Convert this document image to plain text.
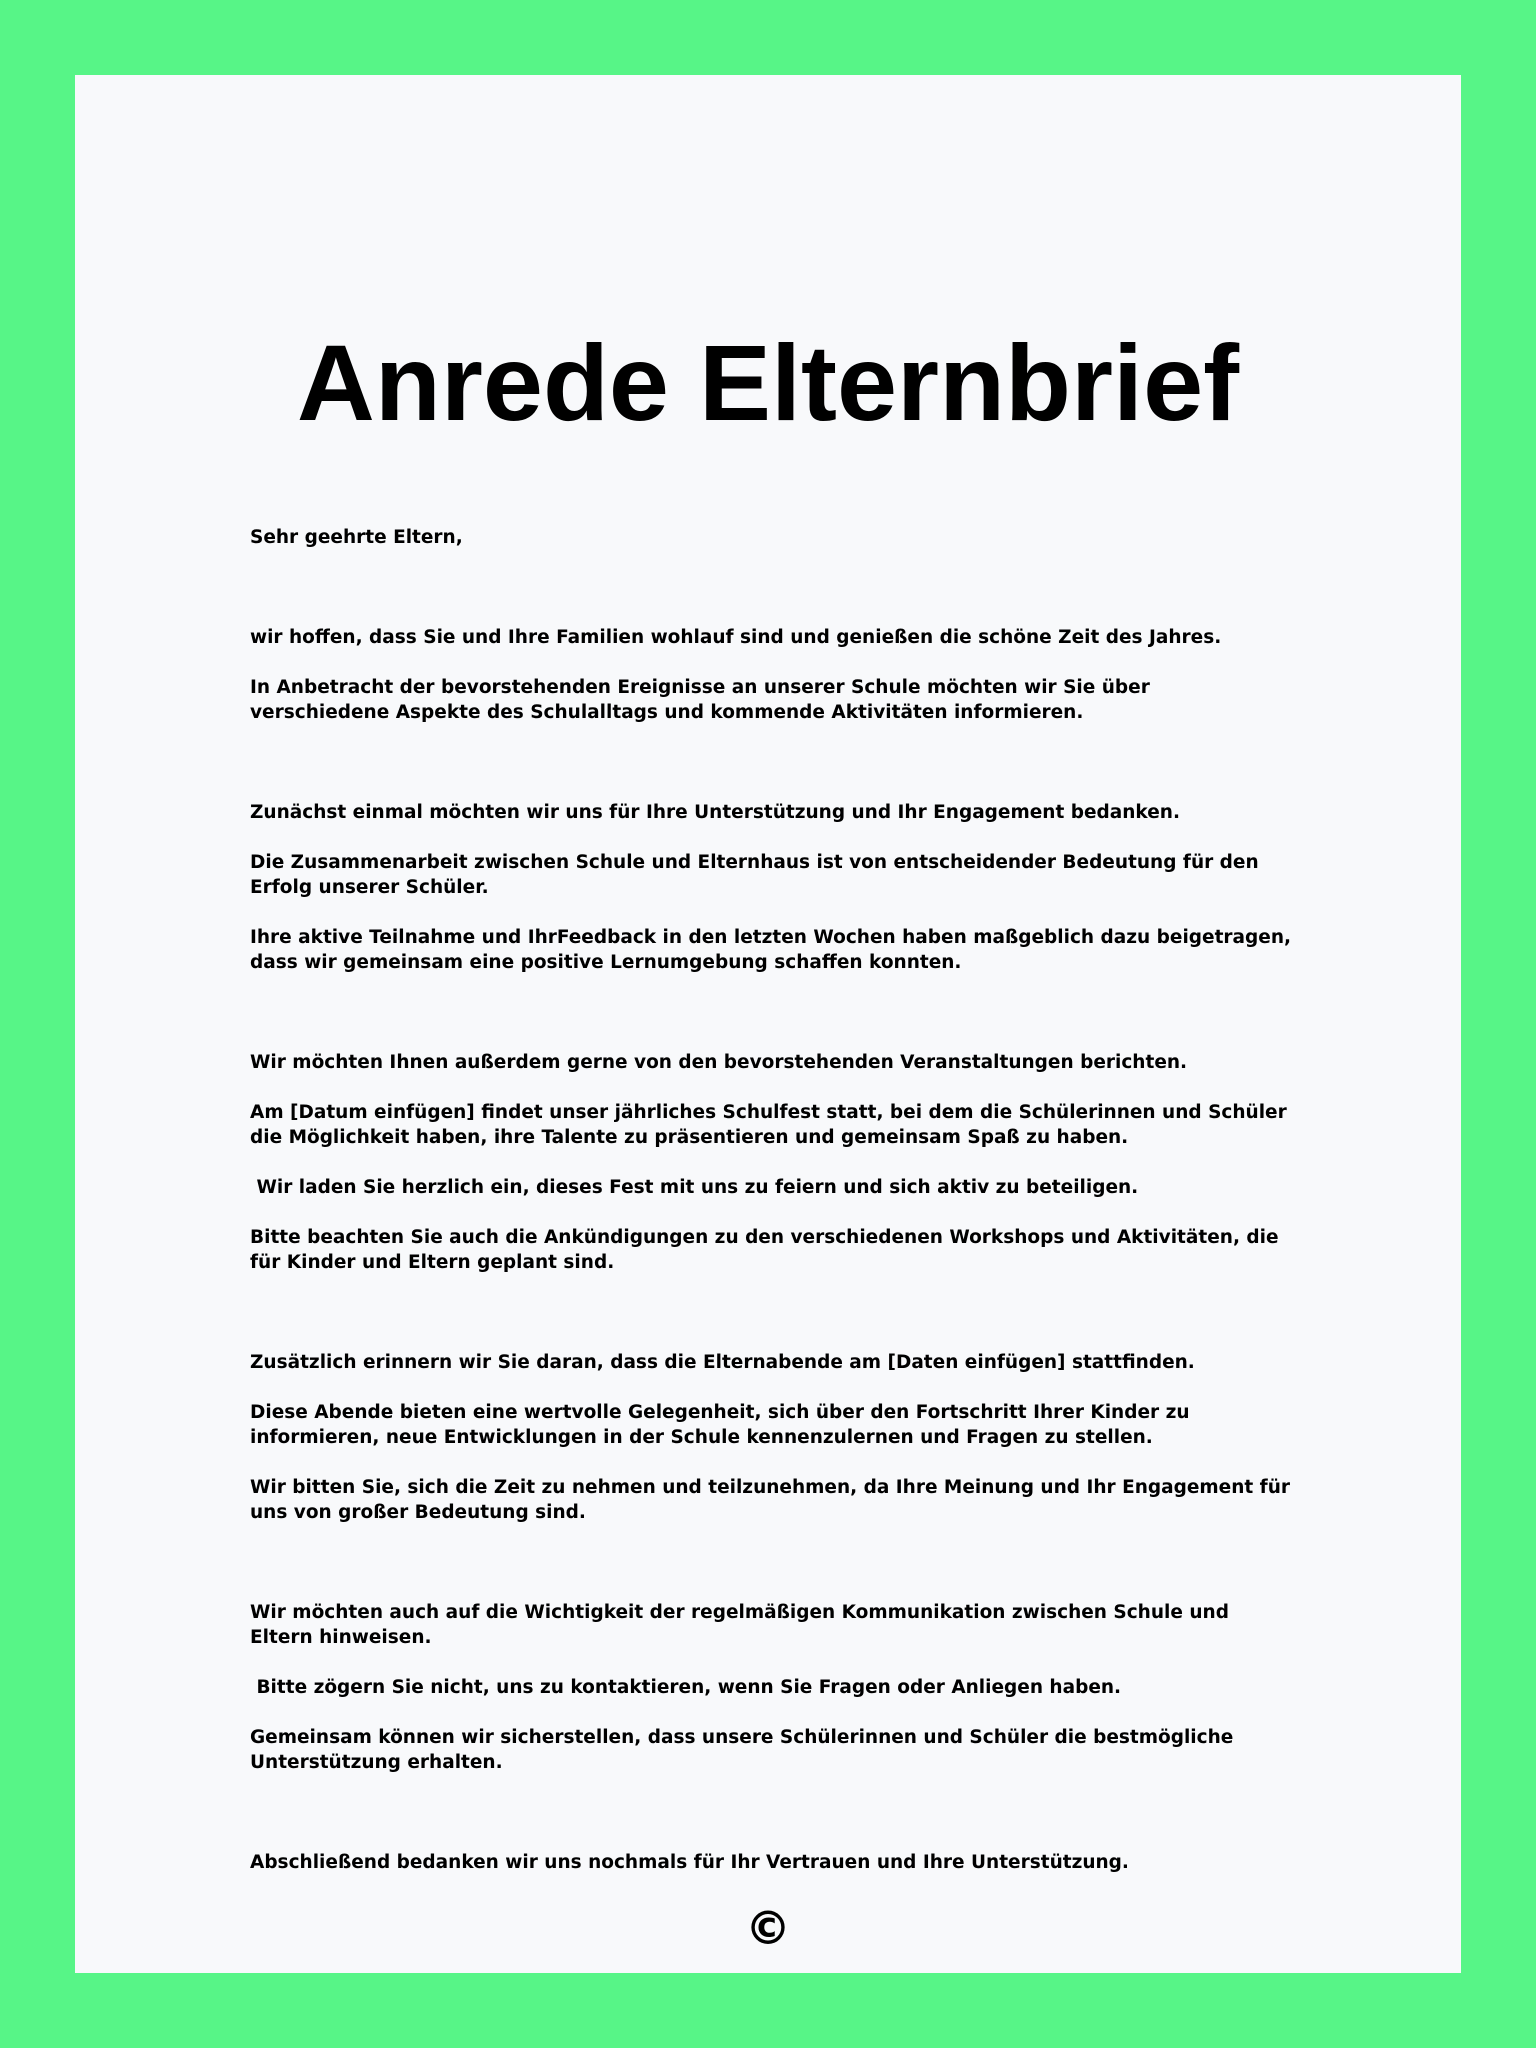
Anrede Elternbrief

Sehr geehrte Eltern,

wir hoffen, dass Sie und Ihre Familien wohlauf sind und genießen die schöne Zeit des Jahres.

In Anbetracht der bevorstehenden Ereignisse an unserer Schule möchten wir Sie über verschiedene Aspekte des Schulalltags und kommende Aktivitäten informieren.

Zunächst einmal möchten wir uns für Ihre Unterstützung und Ihr Engagement bedanken.

Die Zusammenarbeit zwischen Schule und Elternhaus ist von entscheidender Bedeutung für den Erfolg unserer Schüler.

Ihre aktive Teilnahme und IhrFeedback in den letzten Wochen haben maßgeblich dazu beigetragen, dass wir gemeinsam eine positive Lernumgebung schaffen konnten.

Wir möchten Ihnen außerdem gerne von den bevorstehenden Veranstaltungen berichten.

Am [Datum einfügen] findet unser jährliches Schulfest statt, bei dem die Schülerinnen und Schüler die Möglichkeit haben, ihre Talente zu präsentieren und gemeinsam Spaß zu haben.

Wir laden Sie herzlich ein, dieses Fest mit uns zu feiern und sich aktiv zu beteiligen.

Bitte beachten Sie auch die Ankündigungen zu den verschiedenen Workshops und Aktivitäten, die für Kinder und Eltern geplant sind.

Zusätzlich erinnern wir Sie daran, dass die Elternabende am [Daten einfügen] stattfinden.

Diese Abende bieten eine wertvolle Gelegenheit, sich über den Fortschritt Ihrer Kinder zu informieren, neue Entwicklungen in der Schule kennenzulernen und Fragen zu stellen.

Wir bitten Sie, sich die Zeit zu nehmen und teilzunehmen, da Ihre Meinung und Ihr Engagement für uns von großer Bedeutung sind.

Wir möchten auch auf die Wichtigkeit der regelmäßigen Kommunikation zwischen Schule und Eltern hinweisen.

Bitte zögern Sie nicht, uns zu kontaktieren, wenn Sie Fragen oder Anliegen haben.

Gemeinsam können wir sicherstellen, dass unsere Schülerinnen und Schüler die bestmögliche Unterstützung erhalten.

Abschließend bedanken wir uns nochmals für Ihr Vertrauen und Ihre Unterstützung.

©
